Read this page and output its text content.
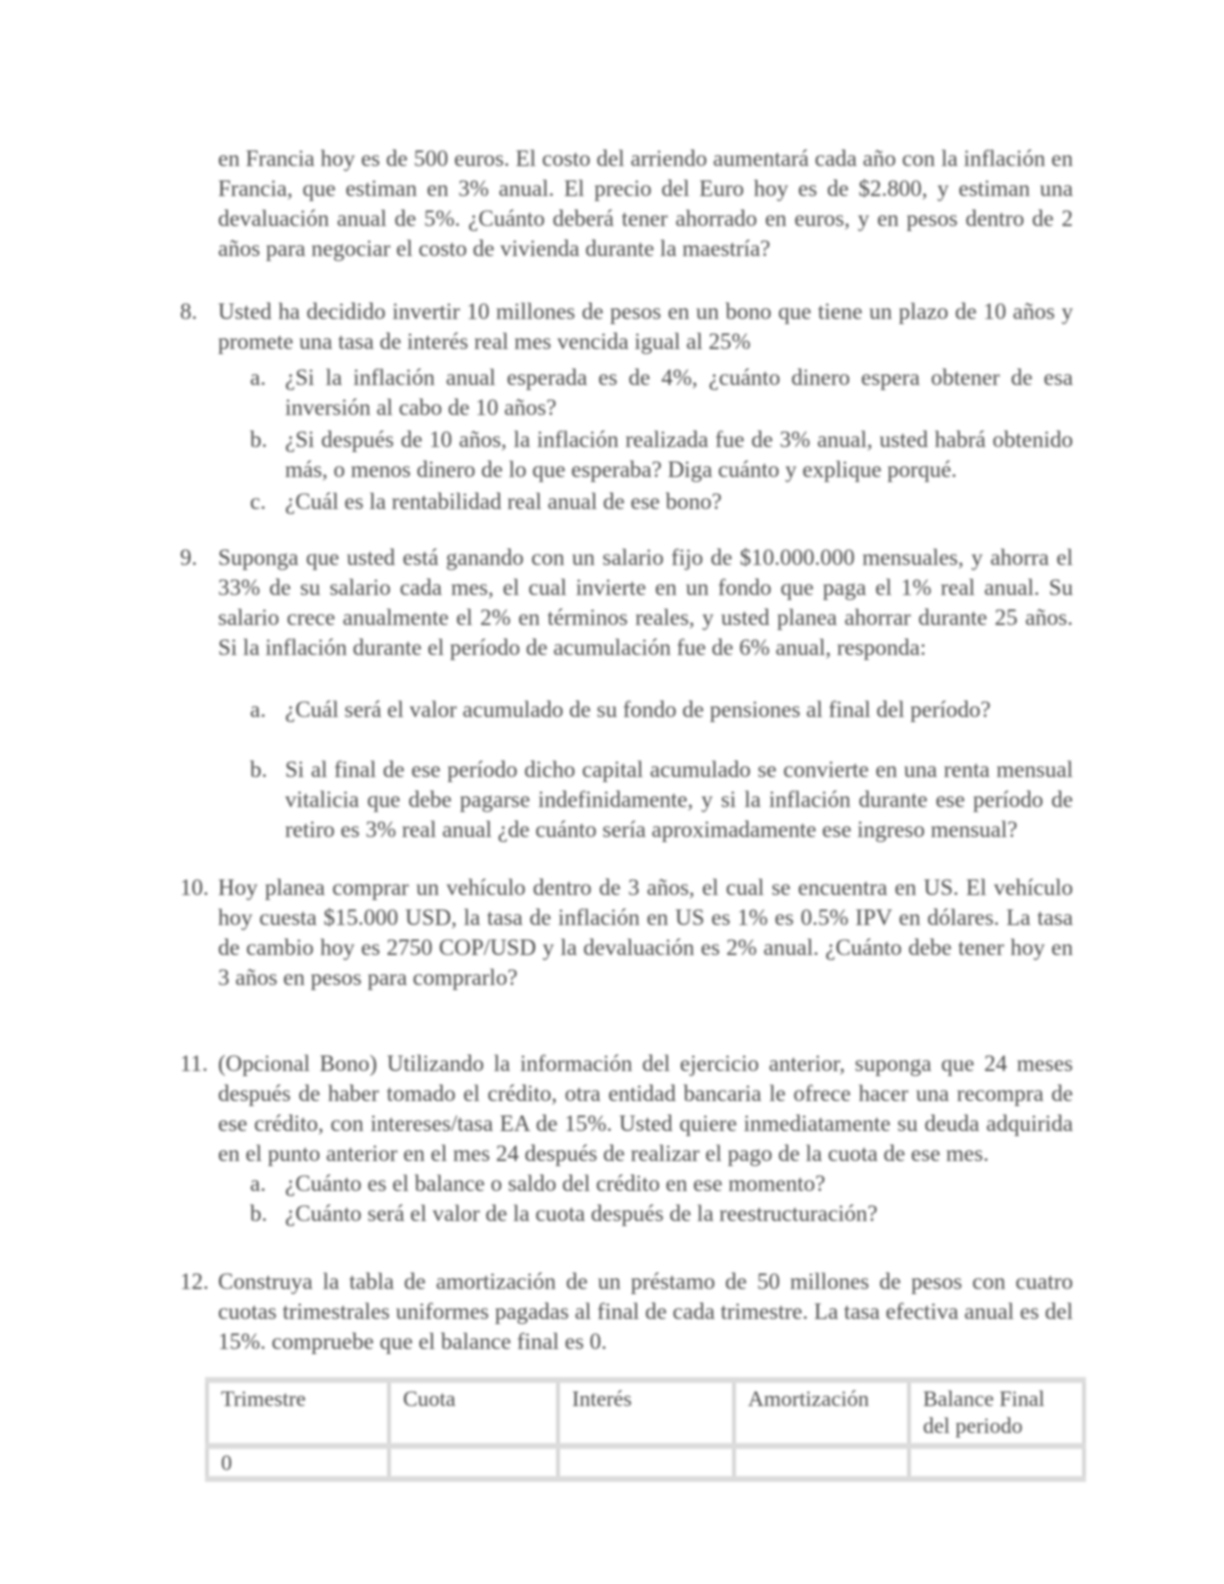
en Francia hoy es de 500 euros. El costo del arriendo aumentará cada año con la inflación en Francia, que estiman en 3% anual. El precio del Euro hoy es de $2.800, y estiman una devaluación anual de 5%. ¿Cuánto deberá tener ahorrado en euros, y en pesos dentro de 2 años para negociar el costo de vivienda durante la maestría?

8. Usted ha decidido invertir 10 millones de pesos en un bono que tiene un plazo de 10 años y promete una tasa de interés real mes vencida igual al 25%
a. ¿Si la inflación anual esperada es de 4%, ¿cuánto dinero espera obtener de esa inversión al cabo de 10 años?
b. ¿Si después de 10 años, la inflación realizada fue de 3% anual, usted habrá obtenido más, o menos dinero de lo que esperaba? Diga cuánto y explique porqué.
c. ¿Cuál es la rentabilidad real anual de ese bono?
9. Suponga que usted está ganando con un salario fijo de $10.000.000 mensuales, y ahorra el 33% de su salario cada mes, el cual invierte en un fondo que paga el 1% real anual. Su salario crece anualmente el 2% en términos reales, y usted planea ahorrar durante 25 años. Si la inflación durante el período de acumulación fue de 6% anual, responda:
a. ¿Cuál será el valor acumulado de su fondo de pensiones al final del período?
b. Si al final de ese período dicho capital acumulado se convierte en una renta mensual vitalicia que debe pagarse indefinidamente, y si la inflación durante ese período de retiro es 3% real anual ¿de cuánto sería aproximadamente ese ingreso mensual?
10. Hoy planea comprar un vehículo dentro de 3 años, el cual se encuentra en US. El vehículo hoy cuesta $15.000 USD, la tasa de inflación en US es 1% es 0.5% IPV en dólares. La tasa de cambio hoy es 2750 COP/USD y la devaluación es 2% anual. ¿Cuánto debe tener hoy en 3 años en pesos para comprarlo?
11. (Opcional Bono) Utilizando la información del ejercicio anterior, suponga que 24 meses después de haber tomado el crédito, otra entidad bancaria le ofrece hacer una recompra de ese crédito, con intereses/tasa EA de 15%. Usted quiere inmediatamente su deuda adquirida en el punto anterior en el mes 24 después de realizar el pago de la cuota de ese mes.
a. ¿Cuánto es el balance o saldo del crédito en ese momento?
b. ¿Cuánto será el valor de la cuota después de la reestructuración?
12. Construya la tabla de amortización de un préstamo de 50 millones de pesos con cuatro cuotas trimestrales uniformes pagadas al final de cada trimestre. La tasa efectiva anual es del 15%. compruebe que el balance final es 0.
Trimestre	Cuota	Interés	Amortización	Balance Final del periodo
0				
